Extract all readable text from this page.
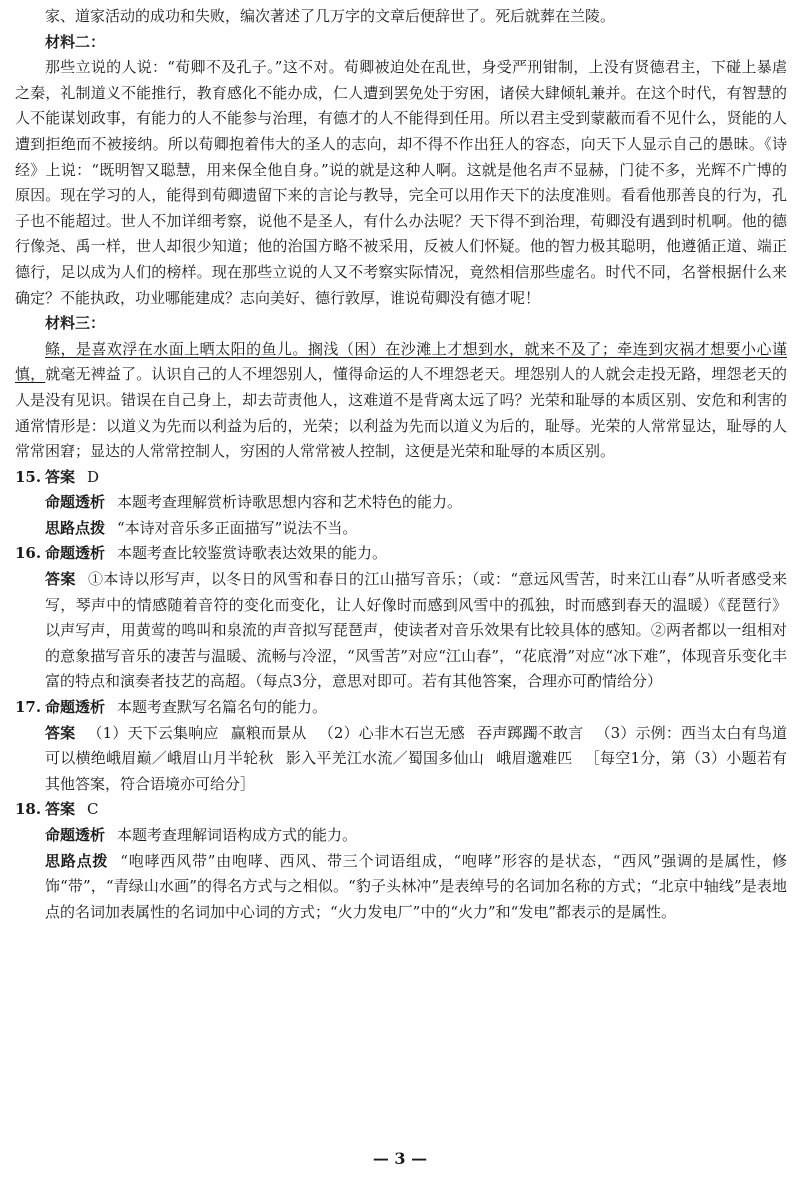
家、道家活动的成功和失败，编次著述了几万字的文章后便辞世了。死后就葬在兰陵。

材料二：

那些立说的人说：“荀卿不及孔子。”这不对。荀卿被迫处在乱世，身受严刑钳制，上没有贤德君主，下碰上暴虐之秦，礼制道义不能推行，教育感化不能办成，仁人遭到罢免处于穷困，诸侯大肆倾轧兼并。在这个时代，有智慧的人不能谋划政事，有能力的人不能参与治理，有德才的人不能得到任用。所以君主受到蒙蔽而看不见什么，贤能的人遭到拒绝而不被接纳。所以荀卿抱着伟大的圣人的志向，却不得不作出狂人的容态，向天下人显示自己的愚昧。《诗经》上说：“既明智又聪慧，用来保全他自身。”说的就是这种人啊。这就是他名声不显赫，门徒不多，光辉不广博的原因。现在学习的人，能得到荀卿遗留下来的言论与教导，完全可以用作天下的法度准则。看看他那善良的行为，孔子也不能超过。世人不加详细考察，说他不是圣人，有什么办法呢？天下得不到治理，荀卿没有遇到时机啊。他的德行像尧、禹一样，世人却很少知道；他的治国方略不被采用，反被人们怀疑。他的智力极其聪明，他遵循正道、端正德行，足以成为人们的榜样。现在那些立说的人又不考察实际情况，竟然相信那些虚名。时代不同，名誉根据什么来确定？不能执政，功业哪能建成？志向美好、德行敦厚，谁说荀卿没有德才呢！

材料三：

鲦，是喜欢浮在水面上晒太阳的鱼儿。搁浅（困）在沙滩上才想到水，就来不及了；牵连到灾祸才想要小心谨慎，就毫无裨益了。认识自己的人不埋怨别人，懂得命运的人不埋怨老天。埋怨别人的人就会走投无路，埋怨老天的人是没有见识。错误在自己身上，却去苛责他人，这难道不是背离太远了吗？光荣和耻辱的本质区别、安危和利害的通常情形是：以道义为先而以利益为后的，光荣；以利益为先而以道义为后的，耻辱。光荣的人常常显达，耻辱的人常常困窘；显达的人常常控制人，穷困的人常常被人控制，这便是光荣和耻辱的本质区别。

15. 答案 D

命题透析 本题考查理解赏析诗歌思想内容和艺术特色的能力。

思路点拨 “本诗对音乐多正面描写”说法不当。

16. 命题透析 本题考查比较鉴赏诗歌表达效果的能力。

答案 ①本诗以形写声，以冬日的风雪和春日的江山描写音乐；（或：“意远风雪苦，时来江山春”从听者感受来写，琴声中的情感随着音符的变化而变化，让人好像时而感到风雪中的孤独，时而感到春天的温暖）《琵琶行》以声写声，用黄莺的鸣叫和泉流的声音拟写琵琶声，使读者对音乐效果有比较具体的感知。②两者都以一组相对的意象描写音乐的凄苦与温暖、流畅与冷涩，“风雪苦”对应“江山春”，“花底滑”对应“冰下难”，体现音乐变化丰富的特点和演奏者技艺的高超。（每点3分，意思对即可。若有其他答案，合理亦可酌情给分）

17. 命题透析 本题考查默写名篇名句的能力。

答案 （1）天下云集响应 赢粮而景从 （2）心非木石岂无感 吞声踯躅不敢言 （3）示例：西当太白有鸟道可以横绝峨眉巅／峨眉山月半轮秋 影入平羌江水流／蜀国多仙山 峨眉邈难匹 ［每空1分，第（3）小题若有其他答案，符合语境亦可给分］

18. 答案 C

命题透析 本题考查理解词语构成方式的能力。

思路点拨 “咆哮西风带”由咆哮、西风、带三个词语组成，“咆哮”形容的是状态，“西风”强调的是属性，修饰“带”，“青绿山水画”的得名方式与之相似。“豹子头林冲”是表绰号的名词加名称的方式；“北京中轴线”是表地点的名词加表属性的名词加中心词的方式；“火力发电厂”中的“火力”和“发电”都表示的是属性。

— 3 —
